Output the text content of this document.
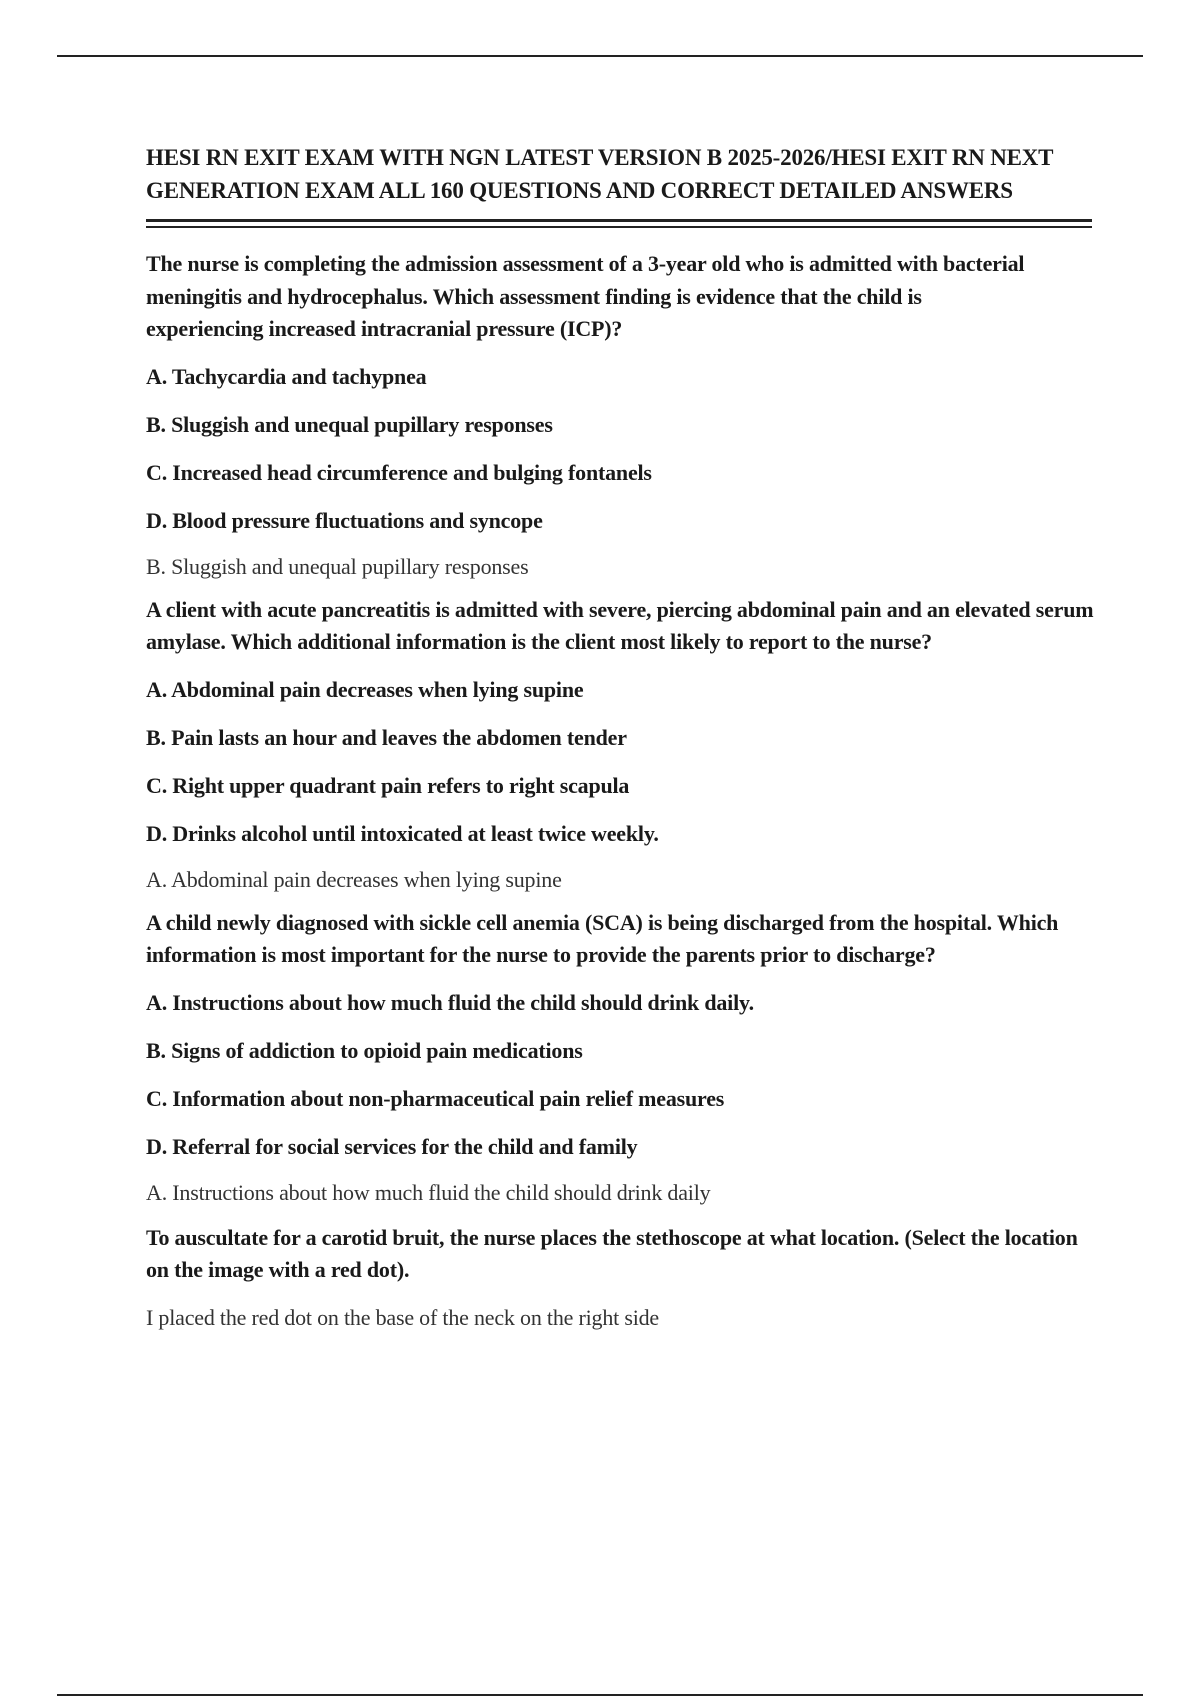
HESI RN EXIT EXAM WITH NGN LATEST VERSION B 2025-2026/HESI EXIT RN NEXT GENERATION EXAM ALL 160 QUESTIONS AND CORRECT DETAILED ANSWERS

The nurse is completing the admission assessment of a 3-year old who is admitted with bacterial meningitis and hydrocephalus. Which assessment finding is evidence that the child is experiencing increased intracranial pressure (ICP)?

A. Tachycardia and tachypnea

B. Sluggish and unequal pupillary responses

C. Increased head circumference and bulging fontanels

D. Blood pressure fluctuations and syncope

B. Sluggish and unequal pupillary responses

A client with acute pancreatitis is admitted with severe, piercing abdominal pain and an elevated serum amylase. Which additional information is the client most likely to report to the nurse?

A. Abdominal pain decreases when lying supine

B. Pain lasts an hour and leaves the abdomen tender

C. Right upper quadrant pain refers to right scapula

D. Drinks alcohol until intoxicated at least twice weekly.

A. Abdominal pain decreases when lying supine

A child newly diagnosed with sickle cell anemia (SCA) is being discharged from the hospital. Which information is most important for the nurse to provide the parents prior to discharge?

A. Instructions about how much fluid the child should drink daily.

B. Signs of addiction to opioid pain medications

C. Information about non-pharmaceutical pain relief measures

D. Referral for social services for the child and family

A. Instructions about how much fluid the child should drink daily

To auscultate for a carotid bruit, the nurse places the stethoscope at what location. (Select the location on the image with a red dot).

I placed the red dot on the base of the neck on the right side
